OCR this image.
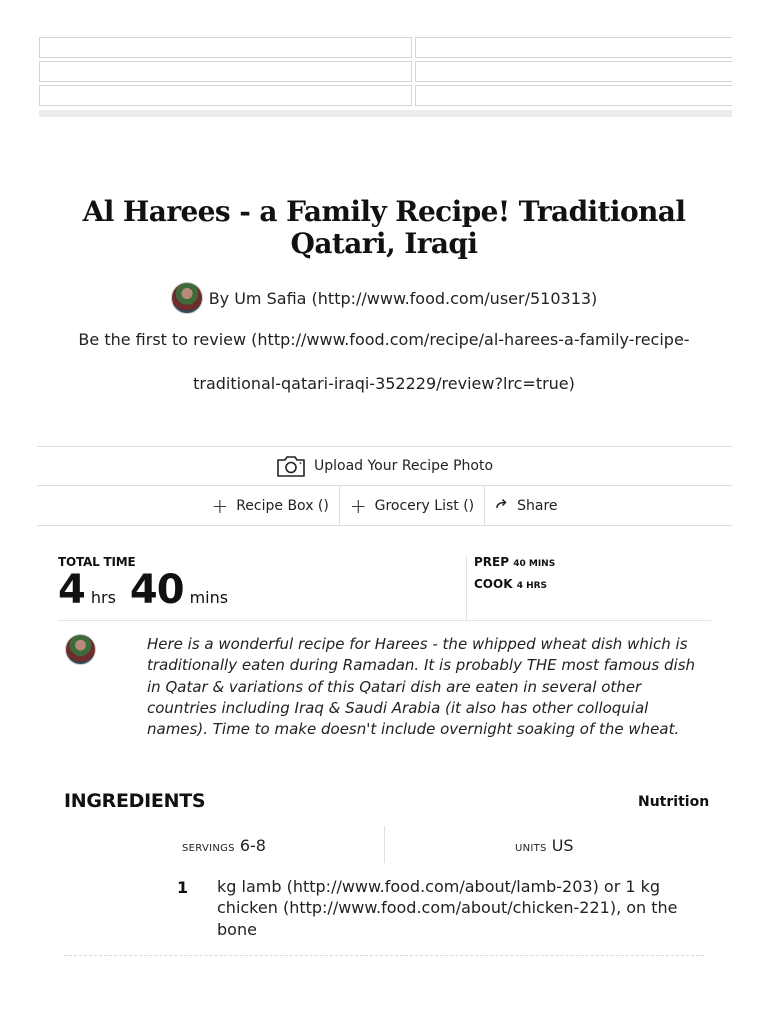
Al Harees - a Family Recipe! Traditional Qatari, Iraqi
By Um Safia (http://www.food.com/user/510313)
Be the first to review (http://www.food.com/recipe/al-harees-a-family-recipe-
traditional-qatari-iraqi-352229/review?lrc=true)
Upload Your Recipe Photo
+ Recipe Box () + Grocery List ()	Share
TOTAL TIME
4 hrs 40 mins
PREP 40 MINS
COOK 4 HRS

Here is a wonderful recipe for Harees - the whipped wheat dish which is traditionally eaten during Ramadan. It is probably THE most famous dish in Qatar & variations of this Qatari dish are eaten in several other countries including Iraq & Saudi Arabia (it also has other colloquial names). Time to make doesn't include overnight soaking of the wheat.

INGREDIENTS	Nutrition
SERVINGS 6-8	UNITS US
1 kg lamb (http://www.food.com/about/lamb-203) or 1 kg chicken (http://www.food.com/about/chicken-221), on the bone
